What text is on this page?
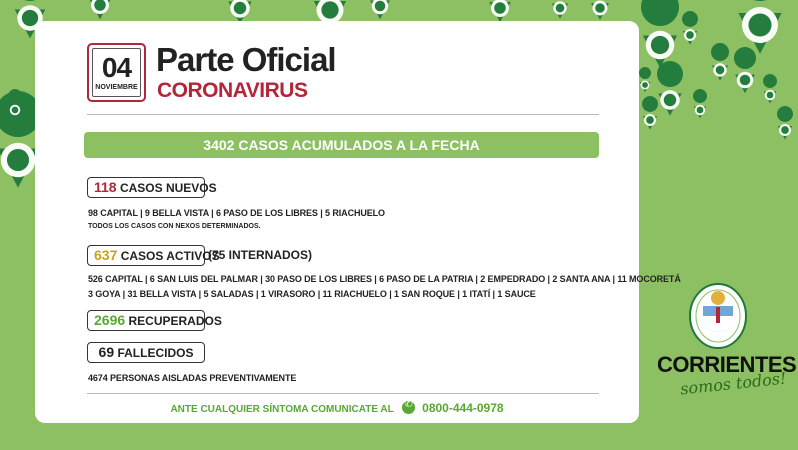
04
NOVIEMBRE
Parte Oficial
CORONAVIRUS
3402 CASOS ACUMULADOS A LA FECHA
118 CASOS NUEVOS
98 CAPITAL | 9 BELLA VISTA | 6 PASO DE LOS LIBRES | 5 RIACHUELO
TODOS LOS CASOS CON NEXOS DETERMINADOS.
637 CASOS ACTIVOS
(75 INTERNADOS)
526 CAPITAL | 6 SAN LUIS DEL PALMAR | 30 PASO DE LOS LIBRES | 6 PASO DE LA PATRIA | 2 EMPEDRADO | 2 SANTA ANA | 11 MOCORETÁ
3 GOYA | 31 BELLA VISTA | 5 SALADAS | 1 VIRASORO | 11 RIACHUELO | 1 SAN ROQUE | 1 ITATÍ | 1 SAUCE
2696 RECUPERADOS
69 FALLECIDOS
4674 PERSONAS AISLADAS PREVENTIVAMENTE
ANTE CUALQUIER SÍNTOMA COMUNICATE AL ✆ 0800-444-0978
CORRIENTES
somos todos!
